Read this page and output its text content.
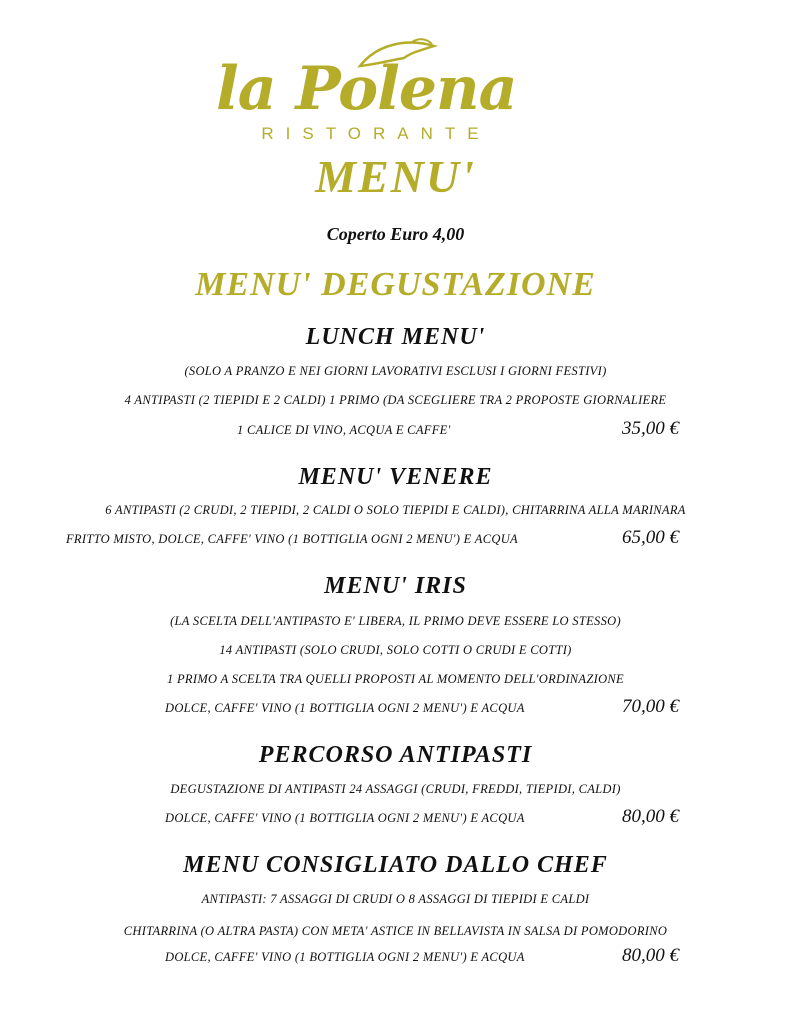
la Polena
RISTORANTE
MENU'
Coperto Euro 4,00
MENU' DEGUSTAZIONE
LUNCH MENU'
(SOLO A PRANZO E NEI GIORNI LAVORATIVI ESCLUSI I GIORNI FESTIVI)
4 ANTIPASTI (2 TIEPIDI E 2 CALDI) 1 PRIMO (DA SCEGLIERE TRA 2 PROPOSTE GIORNALIERE
1 CALICE DI VINO, ACQUA E CAFFE'	35,00 €
MENU' VENERE
6 ANTIPASTI (2 CRUDI, 2 TIEPIDI, 2 CALDI O SOLO TIEPIDI E CALDI), CHITARRINA ALLA MARINARA
FRITTO MISTO, DOLCE, CAFFE' VINO (1 BOTTIGLIA OGNI 2 MENU') E ACQUA	65,00 €
MENU' IRIS
(LA SCELTA DELL'ANTIPASTO E' LIBERA, IL PRIMO DEVE ESSERE LO STESSO)
14 ANTIPASTI (SOLO CRUDI, SOLO COTTI O CRUDI E COTTI)
1 PRIMO A SCELTA TRA QUELLI PROPOSTI AL MOMENTO DELL'ORDINAZIONE
DOLCE, CAFFE' VINO (1 BOTTIGLIA OGNI 2 MENU') E ACQUA	70,00 €
PERCORSO ANTIPASTI
DEGUSTAZIONE DI ANTIPASTI 24 ASSAGGI (CRUDI, FREDDI, TIEPIDI, CALDI)
DOLCE, CAFFE' VINO (1 BOTTIGLIA OGNI 2 MENU') E ACQUA	80,00 €
MENU CONSIGLIATO DALLO CHEF
ANTIPASTI: 7 ASSAGGI DI CRUDI O 8 ASSAGGI DI TIEPIDI E CALDI
CHITARRINA (O ALTRA PASTA) CON META' ASTICE IN BELLAVISTA IN SALSA DI POMODORINO
DOLCE, CAFFE' VINO (1 BOTTIGLIA OGNI 2 MENU') E ACQUA	80,00 €
